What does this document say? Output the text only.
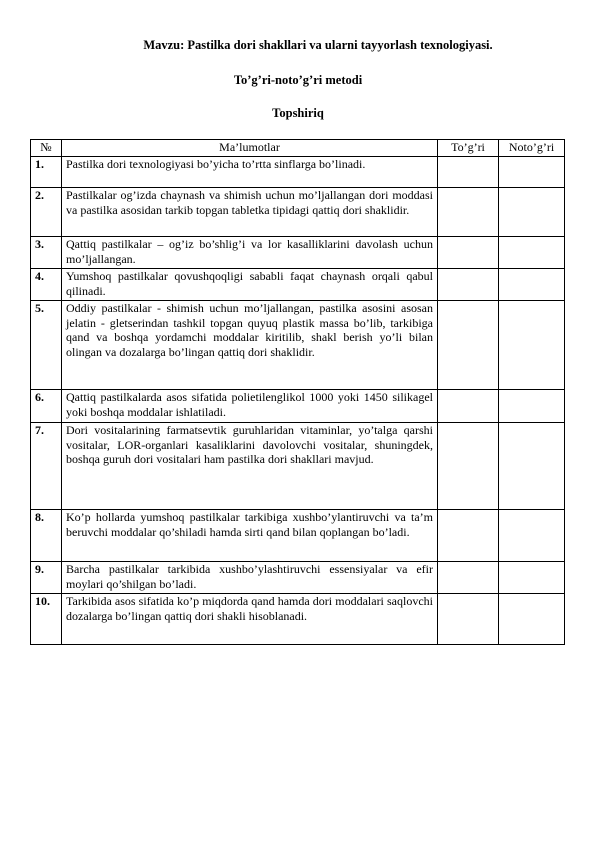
Mavzu: Pastilka dori shakllari va ularni tayyorlash texnologiyasi.

To’g’ri-noto’g’ri metodi

Topshiriq

№	Ma’lumotlar	To’g’ri	Noto’g’ri
1.	Pastilka dori texnologiyasi bo’yicha to’rtta sinflarga bo’linadi.		
2.	Pastilkalar og’izda chaynash va shimish uchun mo’ljallangan dori moddasi va pastilka asosidan tarkib topgan tabletka tipidagi qattiq dori shaklidir.		
3.	Qattiq pastilkalar – og’iz bo’shlig’i va lor kasalliklarini davolash uchun mo’ljallangan.		
4.	Yumshoq pastilkalar qovushqoqligi sababli faqat chaynash orqali qabul qilinadi.		
5.	Oddiy pastilkalar - shimish uchun mo’ljallangan, pastilka asosini asosan jelatin - gletserindan tashkil topgan quyuq plastik massa bo’lib, tarkibiga qand va boshqa yordamchi moddalar kiritilib, shakl berish yo’li bilan olingan va dozalarga bo’lingan qattiq dori shaklidir.		
6.	Qattiq pastilkalarda asos sifatida polietilenglikol 1000 yoki 1450 silikagel yoki boshqa moddalar ishlatiladi.		
7.	Dori vositalarining farmatsevtik guruhlaridan vitaminlar, yo’talga qarshi vositalar, LOR-organlari kasaliklarini davolovchi vositalar, shuningdek, boshqa guruh dori vositalari ham pastilka dori shakllari mavjud.		
8.	Ko’p hollarda yumshoq pastilkalar tarkibiga xushbo’ylantiruvchi va ta’m beruvchi moddalar qo’shiladi hamda sirti qand bilan qoplangan bo’ladi.		
9.	Barcha pastilkalar tarkibida xushbo’ylashtiruvchi essensiyalar va efir moylari qo’shilgan bo’ladi.		
10.	Tarkibida asos sifatida ko’p miqdorda qand hamda dori moddalari saqlovchi dozalarga bo’lingan qattiq dori shakli hisoblanadi.		
